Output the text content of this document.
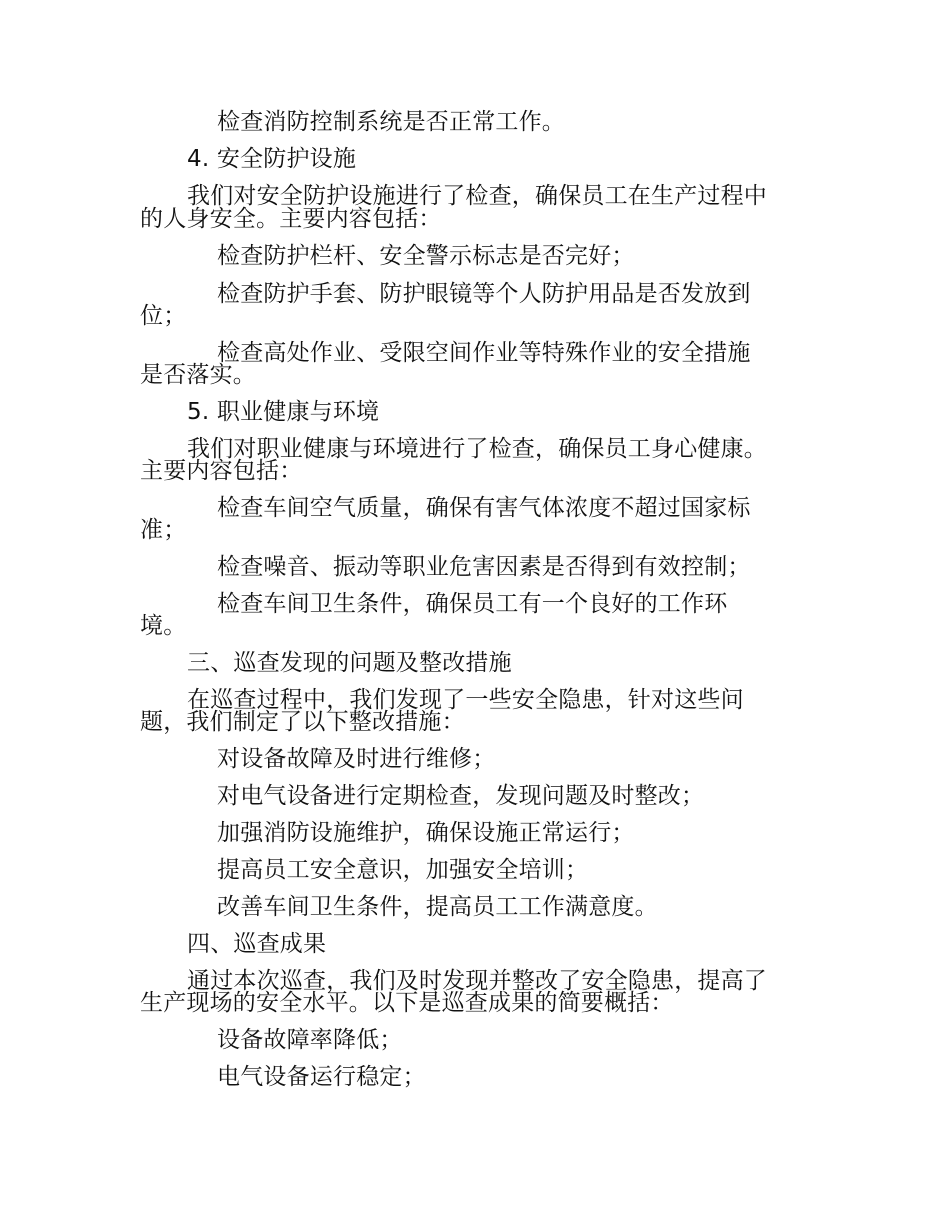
检查消防控制系统是否正常工作。
4. 安全防护设施
我们对安全防护设施进行了检查，确保员工在生产过程中
的人身安全。主要内容包括：
检查防护栏杆、安全警示标志是否完好；
检查防护手套、防护眼镜等个人防护用品是否发放到
位；
检查高处作业、受限空间作业等特殊作业的安全措施
是否落实。
5. 职业健康与环境
我们对职业健康与环境进行了检查，确保员工身心健康。
主要内容包括：
检查车间空气质量，确保有害气体浓度不超过国家标
准；
检查噪音、振动等职业危害因素是否得到有效控制；
检查车间卫生条件，确保员工有一个良好的工作环
境。
三、巡查发现的问题及整改措施
在巡查过程中，我们发现了一些安全隐患，针对这些问
题，我们制定了以下整改措施：
对设备故障及时进行维修；
对电气设备进行定期检查，发现问题及时整改；
加强消防设施维护，确保设施正常运行；
提高员工安全意识，加强安全培训；
改善车间卫生条件，提高员工工作满意度。
四、巡查成果
通过本次巡查，我们及时发现并整改了安全隐患，提高了
生产现场的安全水平。以下是巡查成果的简要概括：
设备故障率降低；
电气设备运行稳定；
